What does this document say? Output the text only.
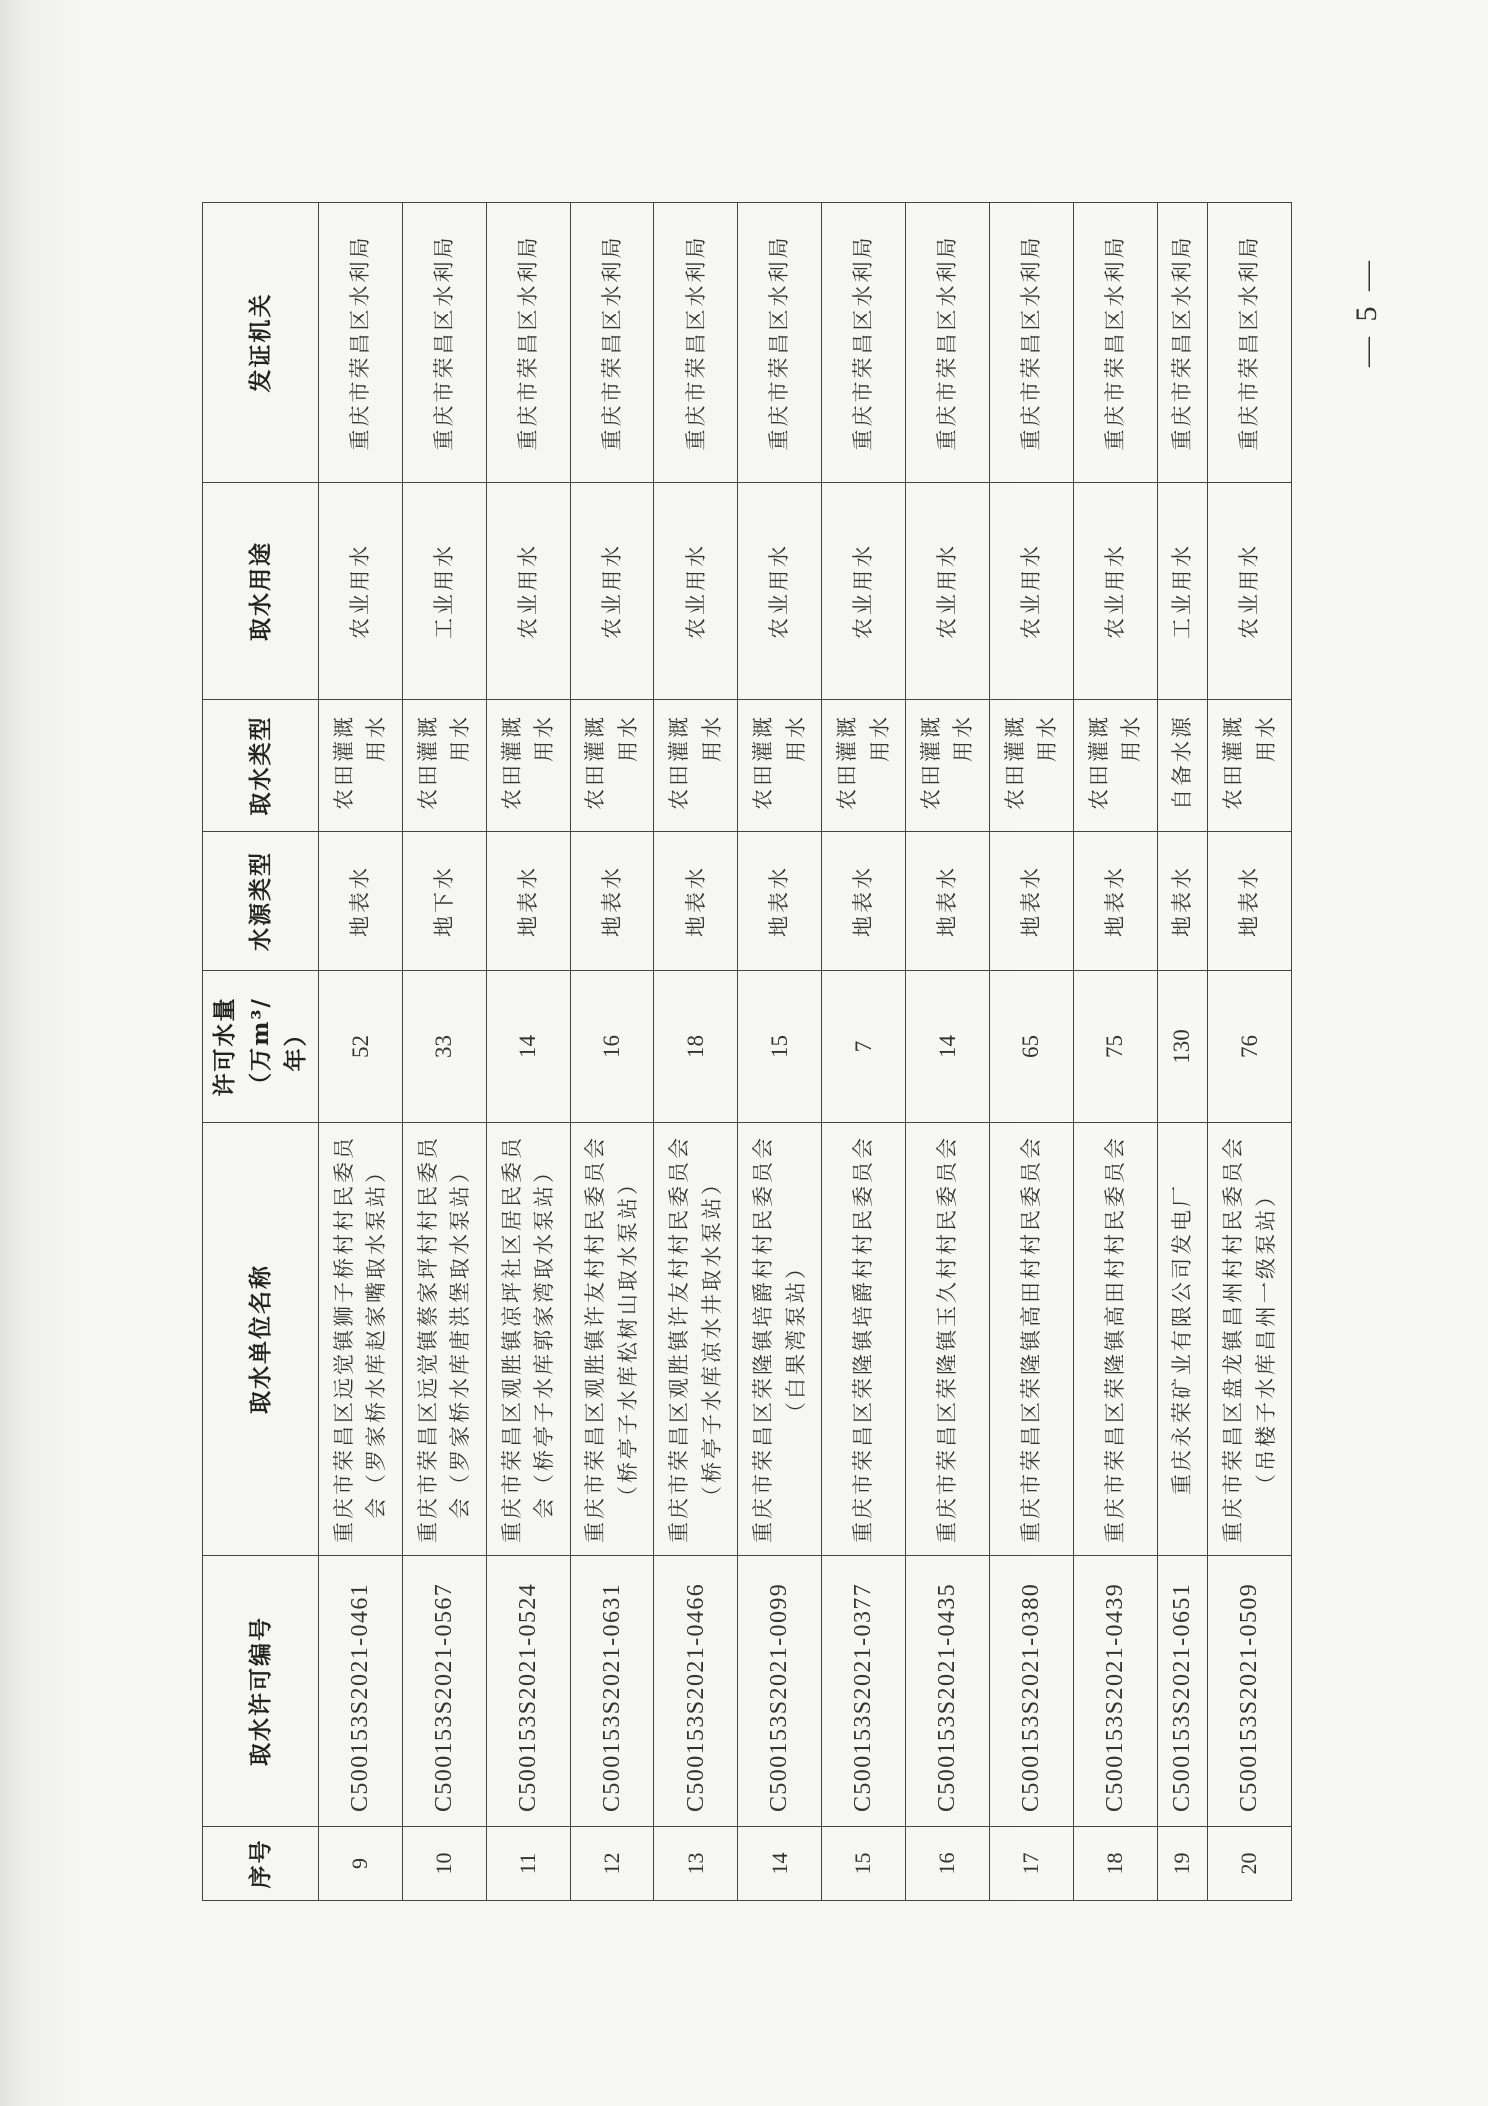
序号	取水许可编号	取水单位名称	许可水量 （万m³/年）	水源类型	取水类型	取水用途	发证机关
9	C500153S2021-0461	重庆市荣昌区远觉镇狮子桥村村民委员会（罗家桥水库赵家嘴取水泵站）	52	地表水	农田灌溉用水	农业用水	重庆市荣昌区水利局
10	C500153S2021-0567	重庆市荣昌区远觉镇蔡家坪村村民委员会（罗家桥水库唐洪堡取水泵站）	33	地下水	农田灌溉用水	工业用水	重庆市荣昌区水利局
11	C500153S2021-0524	重庆市荣昌区观胜镇凉坪社区居民委员会（桥亭子水库郭家湾取水泵站）	14	地表水	农田灌溉用水	农业用水	重庆市荣昌区水利局
12	C500153S2021-0631	重庆市荣昌区观胜镇许友村村民委员会（桥亭子水库松树山取水泵站）	16	地表水	农田灌溉用水	农业用水	重庆市荣昌区水利局
13	C500153S2021-0466	重庆市荣昌区观胜镇许友村村民委员会（桥亭子水库凉水井取水泵站）	18	地表水	农田灌溉用水	农业用水	重庆市荣昌区水利局
14	C500153S2021-0099	重庆市荣昌区荣隆镇培爵村村民委员会（白果湾泵站）	15	地表水	农田灌溉用水	农业用水	重庆市荣昌区水利局
15	C500153S2021-0377	重庆市荣昌区荣隆镇培爵村村民委员会	7	地表水	农田灌溉用水	农业用水	重庆市荣昌区水利局
16	C500153S2021-0435	重庆市荣昌区荣隆镇玉久村村民委员会	14	地表水	农田灌溉用水	农业用水	重庆市荣昌区水利局
17	C500153S2021-0380	重庆市荣昌区荣隆镇高田村村民委员会	65	地表水	农田灌溉用水	农业用水	重庆市荣昌区水利局
18	C500153S2021-0439	重庆市荣昌区荣隆镇高田村村民委员会	75	地表水	农田灌溉用水	农业用水	重庆市荣昌区水利局
19	C500153S2021-0651	重庆永荣矿业有限公司发电厂	130	地表水	自备水源	工业用水	重庆市荣昌区水利局
20	C500153S2021-0509	重庆市荣昌区盘龙镇昌州村村民委员会（吊楼子水库昌州一级泵站）	76	地表水	农田灌溉用水	农业用水	重庆市荣昌区水利局	— 5 —
